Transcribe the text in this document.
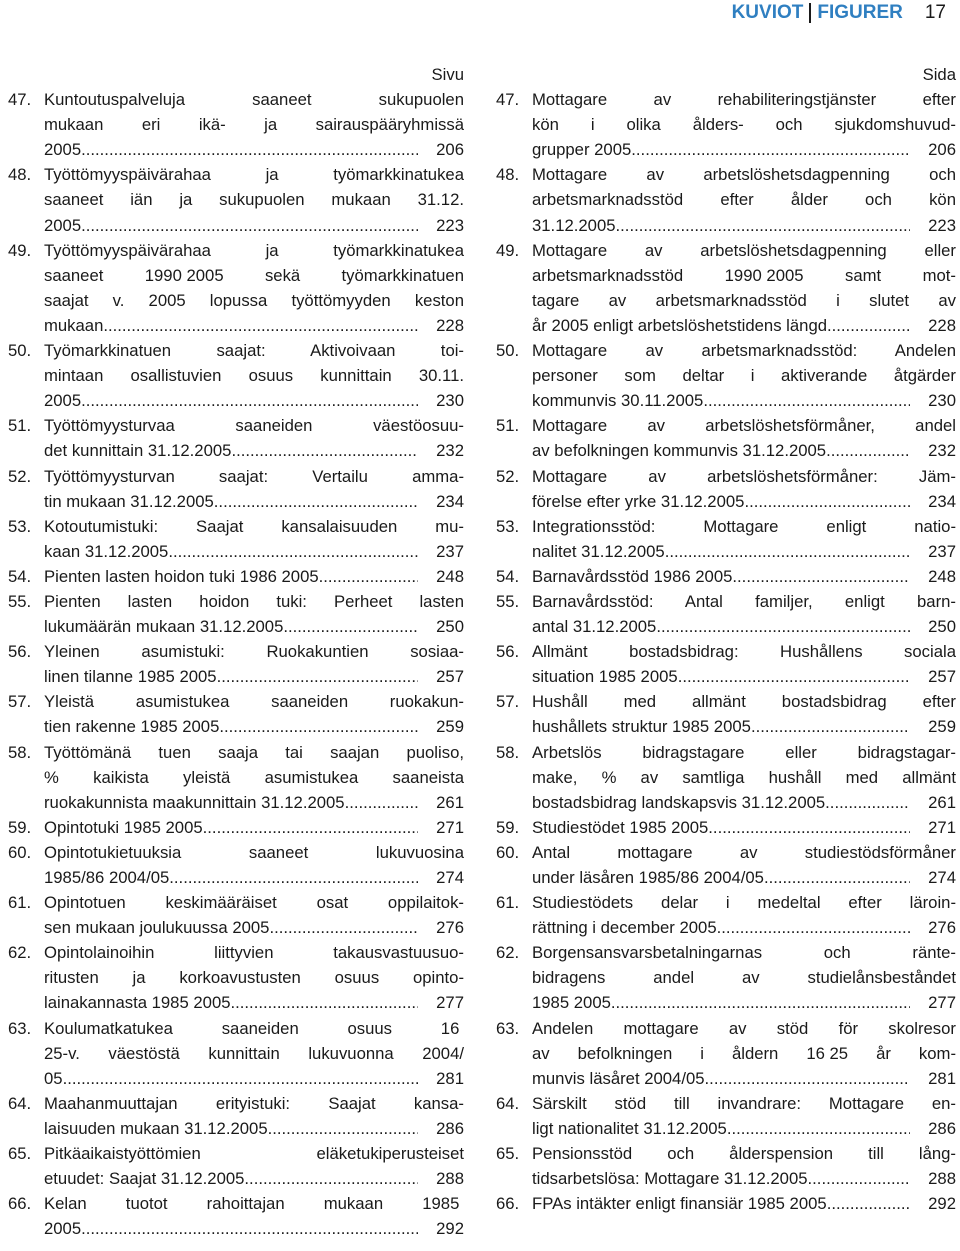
KUVIOT FIGURER 17
Sivu
47. Kuntoutuspalveluja saaneet sukupuolen
mukaan eri ikä- ja sairauspääryhmissä
2005 .....	206
48. Työttömyyspäivärahaa ja työmarkkinatukea
saaneet iän ja sukupuolen mukaan 31.12.
2005 .....	223
49. Työttömyyspäivärahaa ja työmarkkinatukea
saaneet 1990 2005 sekä työmarkkinatuen
saajat v. 2005 lopussa työttömyyden keston
mukaan .....	228
50. Työmarkkinatuen saajat: Aktivoivaan toi-
mintaan osallistuvien osuus kunnittain 30.11.
2005 .....	230
51. Työttömyysturvaa saaneiden väestöosuu-
det kunnittain 31.12.2005 .....	232
52. Työttömyysturvan saajat: Vertailu amma-
tin mukaan 31.12.2005 .....	234
53. Kotoutumistuki: Saajat kansalaisuuden mu-
kaan 31.12.2005 .....	237
54. Pienten lasten hoidon tuki 1986 2005 .....	248
55. Pienten lasten hoidon tuki: Perheet lasten
lukumäärän mukaan 31.12.2005 .....	250
56. Yleinen asumistuki: Ruokakuntien sosiaa-
linen tilanne 1985 2005 .....	257
57. Yleistä asumistukea saaneiden ruokakun-
tien rakenne 1985 2005 .....	259
58. Työttömänä tuen saaja tai saajan puoliso,
% kaikista yleistä asumistukea saaneista
ruokakunnista maakunnittain 31.12.2005 .....	261
59. Opintotuki 1985 2005 .....	271
60. Opintotukietuuksia saaneet lukuvuosina
1985/86 2004/05 .....	274
61. Opintotuen keskimääräiset osat oppilaitok-
sen mukaan joulukuussa 2005 .....	276
62. Opintolainoihin liittyvien takausvastuusuo-
ritusten ja korkoavustusten osuus opinto-
lainakannasta 1985 2005 .....	277
63. Koulumatkatukea saaneiden osuus 16 
25-v. väestöstä kunnittain lukuvuonna 2004/
05 .....	281
64. Maahanmuuttajan erityistuki: Saajat kansa-
laisuuden mukaan 31.12.2005 .....	286
65. Pitkäaikaistyöttömien eläketukiperusteiset
etuudet: Saajat 31.12.2005 .....	288
66. Kelan tuotot rahoittajan mukaan 1985 
2005 .....	292
Sida
47. Mottagare av rehabiliteringstjänster efter
kön i olika ålders- och sjukdomshuvud-
grupper 2005 .....	206
48. Mottagare av arbetslöshetsdagpenning och
arbetsmarknadsstöd efter ålder och kön
31.12.2005 .....	223
49. Mottagare av arbetslöshetsdagpenning eller
arbetsmarknadsstöd 1990 2005 samt mot-
tagare av arbetsmarknadsstöd i slutet av
år 2005 enligt arbetslöshetstidens längd .....	228
50. Mottagare av arbetsmarknadsstöd: Andelen
personer som deltar i aktiverande åtgärder
kommunvis 30.11.2005 .....	230
51. Mottagare av arbetslöshetsförmåner, andel
av befolkningen kommunvis 31.12.2005 .....	232
52. Mottagare av arbetslöshetsförmåner: Jäm-
förelse efter yrke 31.12.2005 .....	234
53. Integrationsstöd: Mottagare enligt natio-
nalitet 31.12.2005 .....	237
54. Barnavårdsstöd 1986 2005 .....	248
55. Barnavårdsstöd: Antal familjer, enligt barn-
antal 31.12.2005 .....	250
56. Allmänt bostadsbidrag: Hushållens sociala
situation 1985 2005 .....	257
57. Hushåll med allmänt bostadsbidrag efter
hushållets struktur 1985 2005 .....	259
58. Arbetslös bidragstagare eller bidragstagar-
make, % av samtliga hushåll med allmänt
bostadsbidrag landskapsvis 31.12.2005 .....	261
59. Studiestödet 1985 2005 .....	271
60. Antal mottagare av studiestödsförmåner
under läsåren 1985/86 2004/05 .....	274
61. Studiestödets delar i medeltal efter läroin-
rättning i december 2005 .....	276
62. Borgensansvarsbetalningarnas och ränte-
bidragens andel av studielånsbeståndet
1985 2005 .....	277
63. Andelen mottagare av stöd för skolresor
av befolkningen i åldern 16 25 år kom-
munvis läsåret 2004/05 .....	281
64. Särskilt stöd till invandrare: Mottagare en-
ligt nationalitet 31.12.2005 .....	286
65. Pensionsstöd och ålderspension till lång-
tidsarbetslösa: Mottagare 31.12.2005 .....	288
66. FPAs intäkter enligt finansiär 1985 2005 .....	292
